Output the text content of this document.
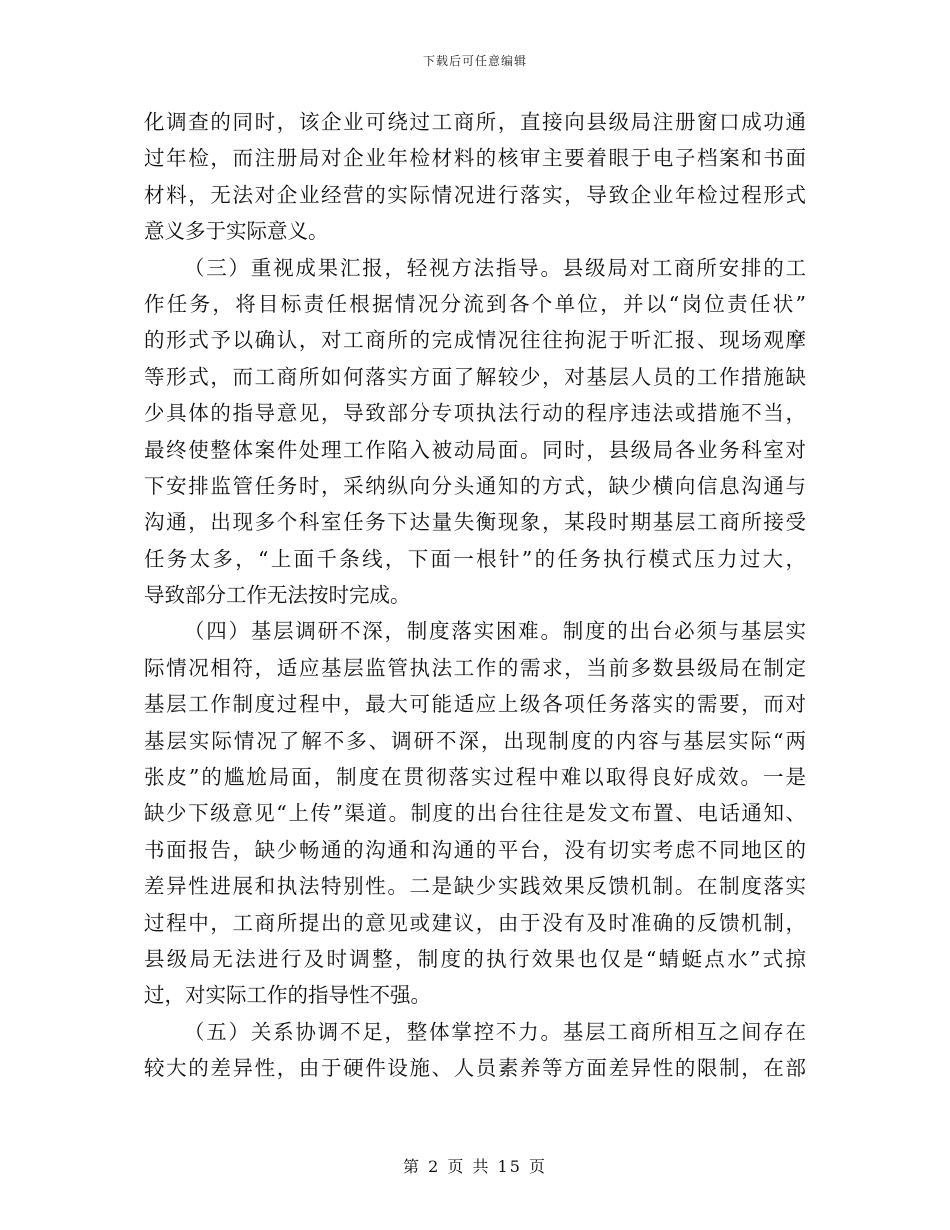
下载后可任意编辑
化调查的同时，该企业可绕过工商所，直接向县级局注册窗口成功通
过年检，而注册局对企业年检材料的核审主要着眼于电子档案和书面
材料，无法对企业经营的实际情况进行落实，导致企业年检过程形式
意义多于实际意义。
（三）重视成果汇报，轻视方法指导。县级局对工商所安排的工
作任务，将目标责任根据情况分流到各个单位，并以“岗位责任状”
的形式予以确认，对工商所的完成情况往往拘泥于听汇报、现场观摩
等形式，而工商所如何落实方面了解较少，对基层人员的工作措施缺
少具体的指导意见，导致部分专项执法行动的程序违法或措施不当，
最终使整体案件处理工作陷入被动局面。同时，县级局各业务科室对
下安排监管任务时，采纳纵向分头通知的方式，缺少横向信息沟通与
沟通，出现多个科室任务下达量失衡现象，某段时期基层工商所接受
任务太多，“上面千条线，下面一根针”的任务执行模式压力过大，
导致部分工作无法按时完成。
（四）基层调研不深，制度落实困难。制度的出台必须与基层实
际情况相符，适应基层监管执法工作的需求，当前多数县级局在制定
基层工作制度过程中，最大可能适应上级各项任务落实的需要，而对
基层实际情况了解不多、调研不深，出现制度的内容与基层实际“两
张皮”的尴尬局面，制度在贯彻落实过程中难以取得良好成效。一是
缺少下级意见“上传”渠道。制度的出台往往是发文布置、电话通知、
书面报告，缺少畅通的沟通和沟通的平台，没有切实考虑不同地区的
差异性进展和执法特别性。二是缺少实践效果反馈机制。在制度落实
过程中，工商所提出的意见或建议，由于没有及时准确的反馈机制，
县级局无法进行及时调整，制度的执行效果也仅是“蜻蜓点水”式掠
过，对实际工作的指导性不强。
（五）关系协调不足，整体掌控不力。基层工商所相互之间存在
较大的差异性，由于硬件设施、人员素养等方面差异性的限制，在部
第 2 页 共 15 页
